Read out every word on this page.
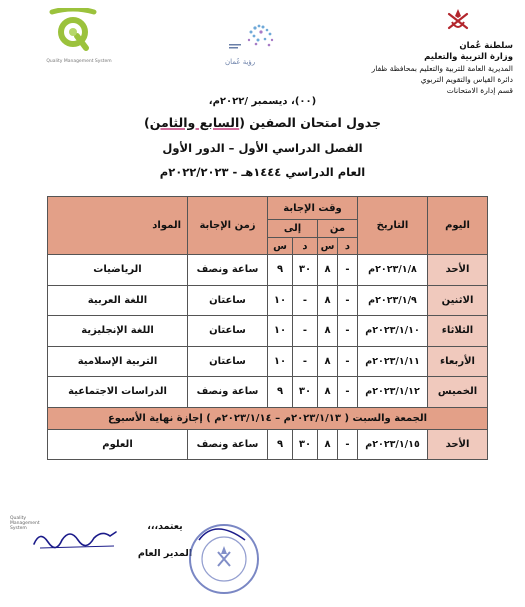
سلطنة عُمان
وزارة التربية والتعليم
المديرية العامة للتربية والتعليم بمحافظة ظفار
دائرة القياس والتقويم التربوي
قسم إدارة الامتحانات
رؤية عُمان
Quality Management System
(٠٠)، ديسمبر /٢٠٢٢م،
جدول امتحان الصفين (السابع والثامن)
الفصل الدراسي الأول – الدور الأول
العام الدراسي ١٤٤٤هـ - ٢٠٢٢/٢٠٢٣م
اليوم	التاريخ	وقت الإجابة				زمن الإجابة	المواد
		من		إلى			
		د	س	د	س		
الأحد	٢٠٢٣/١/٨م	-	٨	٣٠	٩	ساعة ونصف	الرياضيات
الاثنين	٢٠٢٣/١/٩م	-	٨	-	١٠	ساعتان	اللغة العربية
الثلاثاء	٢٠٢٣/١/١٠م	-	٨	-	١٠	ساعتان	اللغة الإنجليزية
الأربعاء	٢٠٢٣/١/١١م	-	٨	-	١٠	ساعتان	التربية الإسلامية
الخميس	٢٠٢٣/١/١٢م	-	٨	٣٠	٩	ساعة ونصف	الدراسات الاجتماعية
الجمعة والسبت ( ٢٠٢٣/١/١٣م – ٢٠٢٣/١/١٤م ) إجازة نهاية الأسبوع							
الأحد	٢٠٢٣/١/١٥م	-	٨	٣٠	٩	ساعة ونصف	العلوم
Quality Management System	يعتمد،،،
المدير العام
